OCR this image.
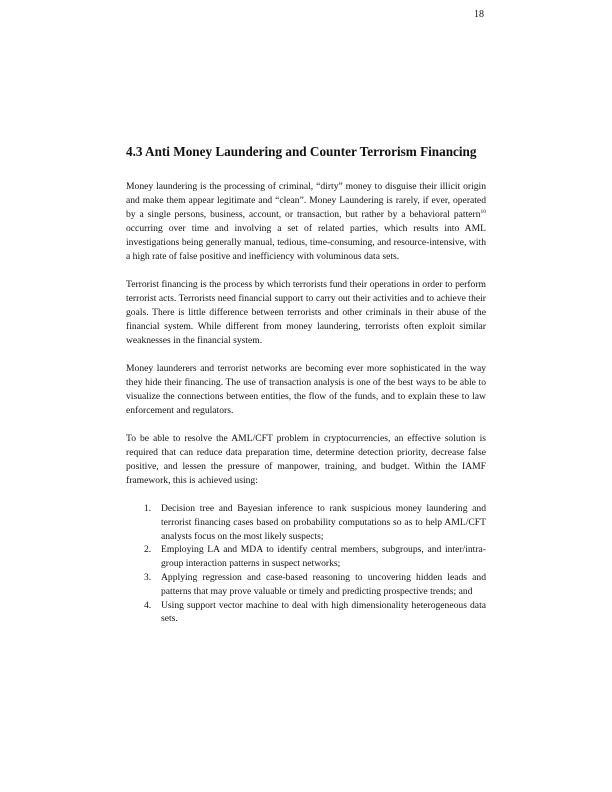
18
4.3 Anti Money Laundering and Counter Terrorism Financing

Money laundering is the processing of criminal, “dirty” money to disguise their illicit origin and make them appear legitimate and “clean”. Money Laundering is rarely, if ever, operated by a single persons, business, account, or transaction, but rather by a behavioral pattern$^{10}$ occurring over time and involving a set of related parties, which results into AML investigations being generally manual, tedious, time-consuming, and resource-intensive, with a high rate of false positive and inefficiency with voluminous data sets.

Terrorist financing is the process by which terrorists fund their operations in order to perform terrorist acts. Terrorists need financial support to carry out their activities and to achieve their goals. There is little difference between terrorists and other criminals in their abuse of the financial system. While different from money laundering, terrorists often exploit similar weaknesses in the financial system.

Money launderers and terrorist networks are becoming ever more sophisticated in the way they hide their financing. The use of transaction analysis is one of the best ways to be able to visualize the connections between entities, the flow of the funds, and to explain these to law enforcement and regulators.

To be able to resolve the AML/CFT problem in cryptocurrencies, an effective solution is required that can reduce data preparation time, determine detection priority, decrease false positive, and lessen the pressure of manpower, training, and budget. Within the IAMF framework, this is achieved using:

1. Decision tree and Bayesian inference to rank suspicious money laundering and terrorist financing cases based on probability computations so as to help AML/CFT analysts focus on the most likely suspects;
2. Employing LA and MDA to identify central members, subgroups, and inter/intra-group interaction patterns in suspect networks;
3. Applying regression and case-based reasoning to uncovering hidden leads and patterns that may prove valuable or timely and predicting prospective trends; and
4. Using support vector machine to deal with high dimensionality heterogeneous data sets.
